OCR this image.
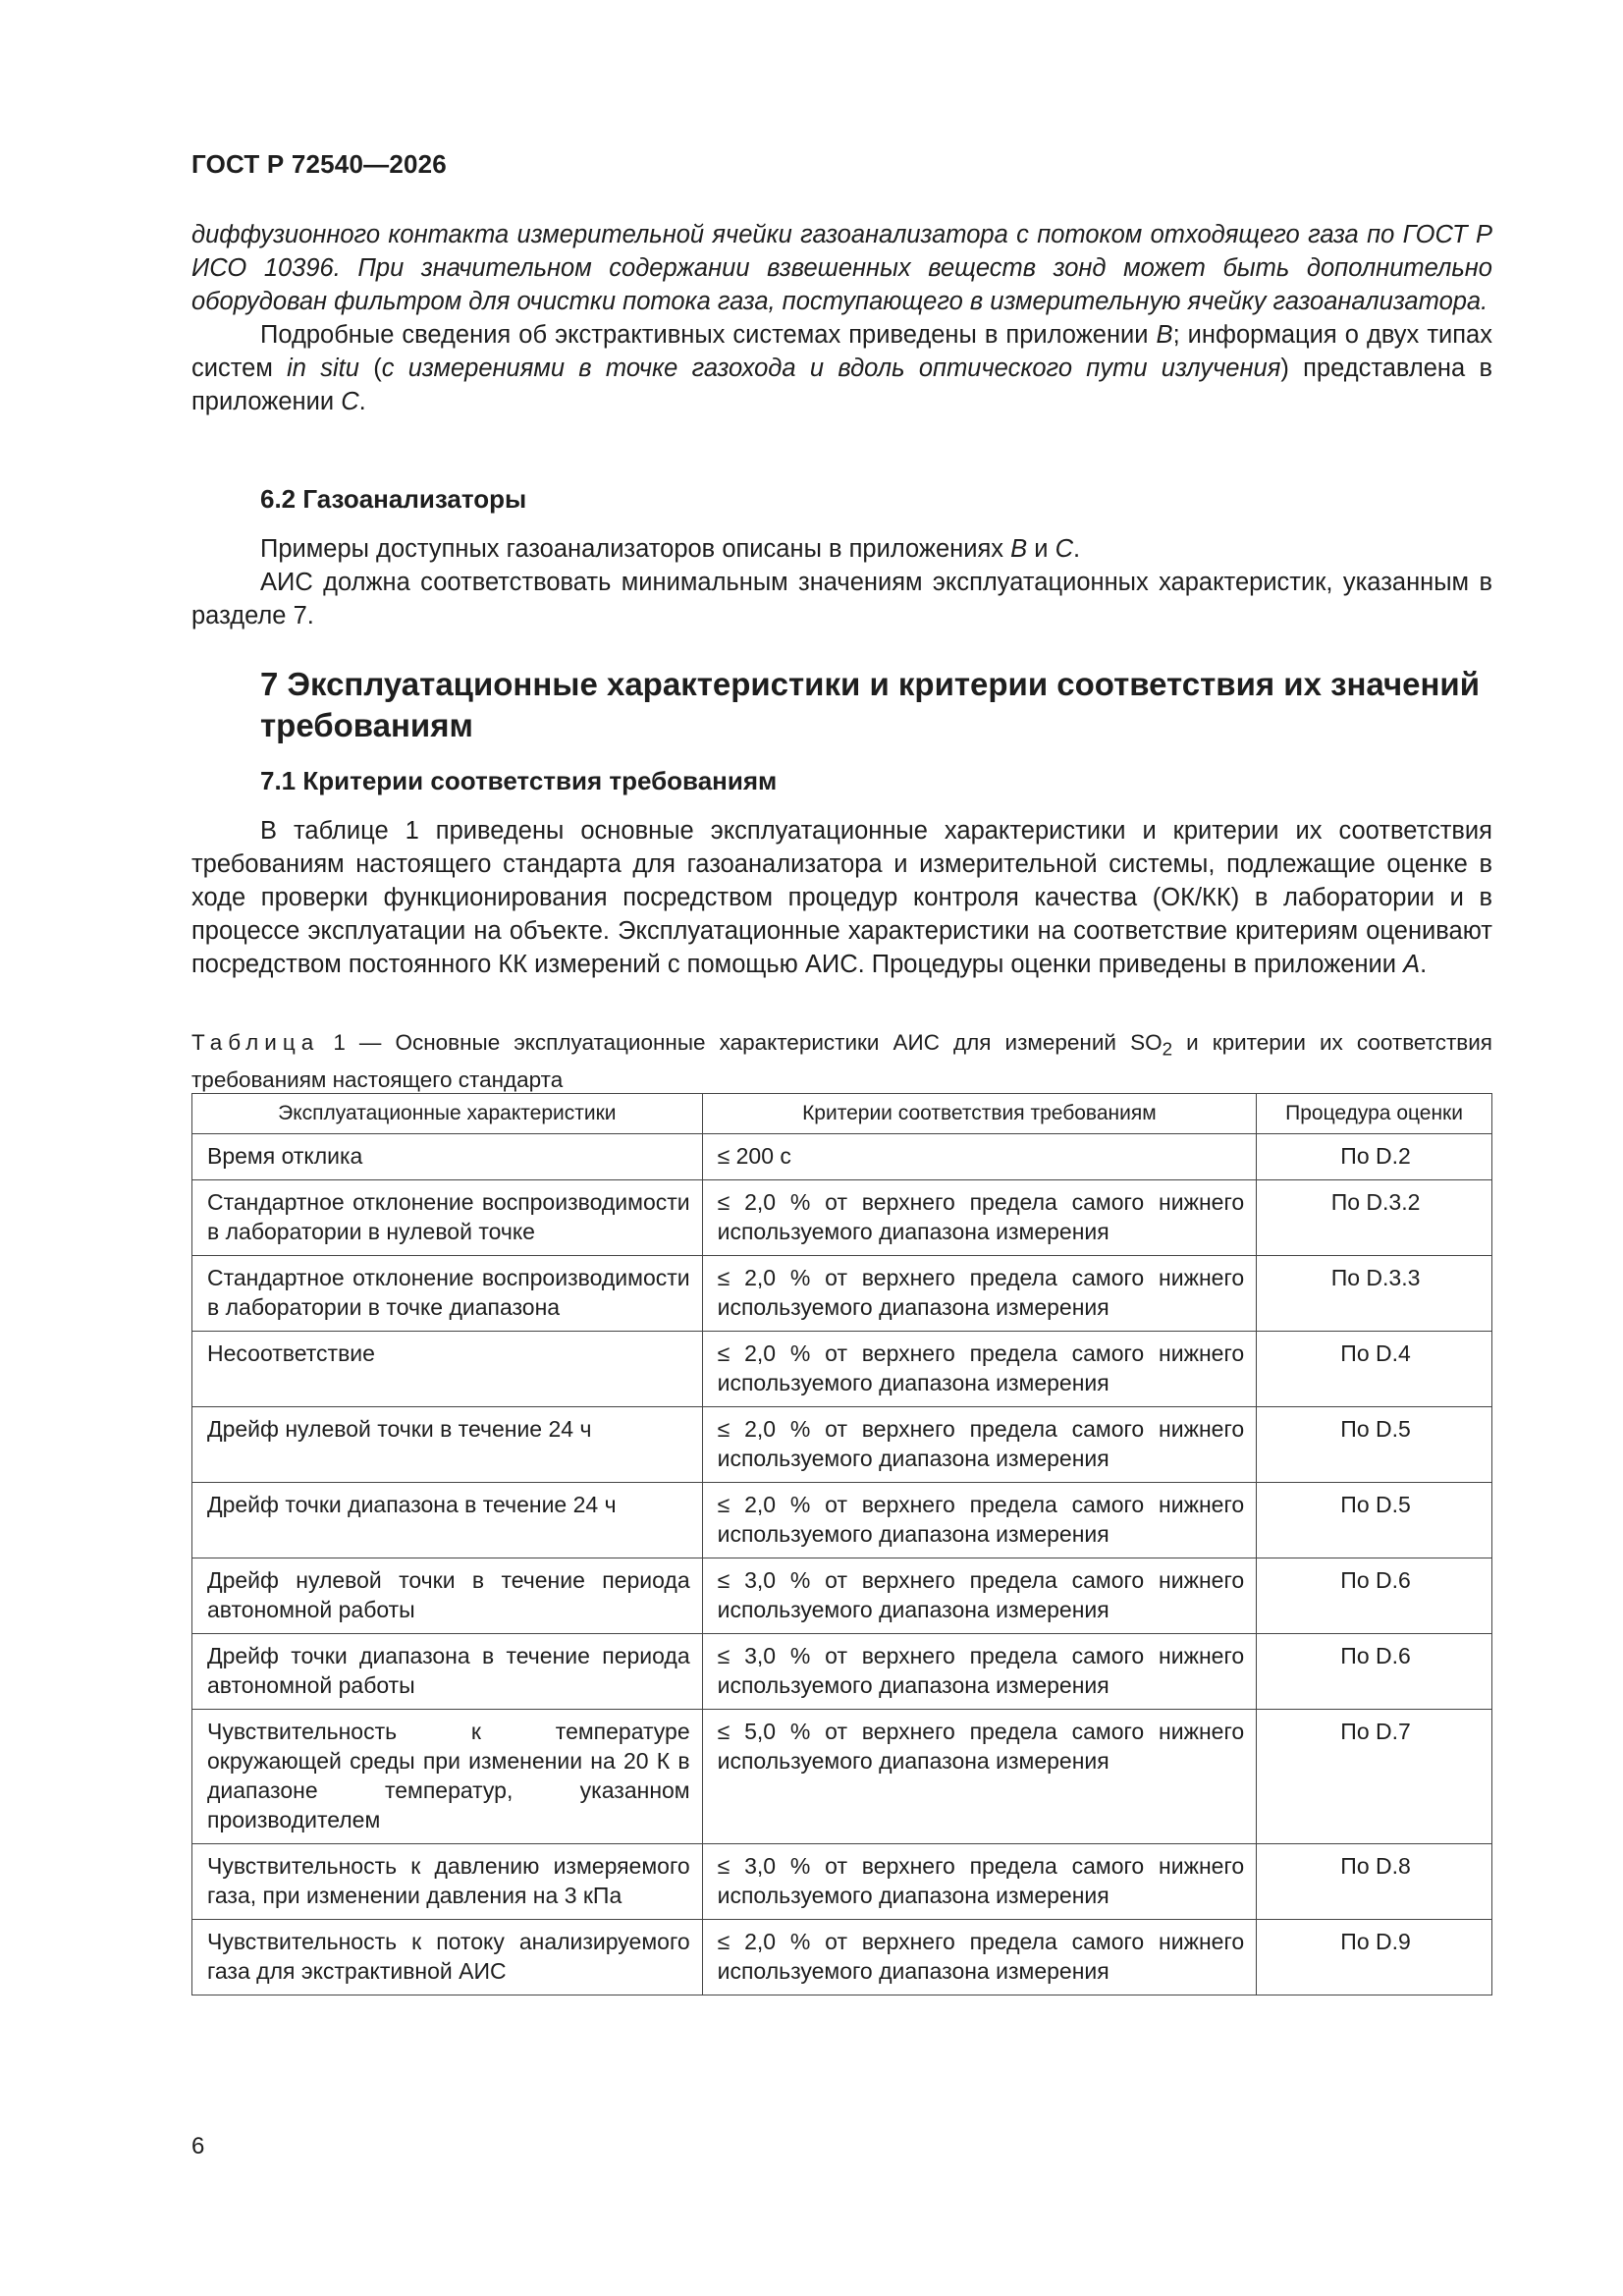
ГОСТ Р 72540—2026

диффузионного контакта измерительной ячейки газоанализатора с потоком отходящего газа по ГОСТ Р ИСО 10396. При значительном содержании взвешенных веществ зонд может быть дополнительно оборудован фильтром для очистки потока газа, поступающего в измерительную ячейку газоанализатора.

Подробные сведения об экстрактивных системах приведены в приложении B; информация о двух типах систем in situ (с измерениями в точке газохода и вдоль оптического пути излучения) представлена в приложении C.

6.2 Газоанализаторы

Примеры доступных газоанализаторов описаны в приложениях B и C.

АИС должна соответствовать минимальным значениям эксплуатационных характеристик, указанным в разделе 7.

7 Эксплуатационные характеристики и критерии соответствия их значений требованиям
7.1 Критерии соответствия требованиям

В таблице 1 приведены основные эксплуатационные характеристики и критерии их соответствия требованиям настоящего стандарта для газоанализатора и измерительной системы, подлежащие оценке в ходе проверки функционирования посредством процедур контроля качества (ОК/КК) в лаборатории и в процессе эксплуатации на объекте. Эксплуатационные характеристики на соответствие критериям оценивают посредством постоянного КК измерений с помощью АИС. Процедуры оценки приведены в приложении A.

Таблица 1 — Основные эксплуатационные характеристики АИС для измерений $SO_2$ и критерии их соответствия требованиям настоящего стандарта
Эксплуатационные характеристики	Критерии соответствия требованиям	Процедура оценки
Время отклика	≤ 200 с	По D.2
Стандартное отклонение воспроизводимости в лаборатории в нулевой точке	≤ 2,0 % от верхнего предела самого нижнего используемого диапазона измерения	По D.3.2
Стандартное отклонение воспроизводимости в лаборатории в точке диапазона	≤ 2,0 % от верхнего предела самого нижнего используемого диапазона измерения	По D.3.3
Несоответствие	≤ 2,0 % от верхнего предела самого нижнего используемого диапазона измерения	По D.4
Дрейф нулевой точки в течение 24 ч	≤ 2,0 % от верхнего предела самого нижнего используемого диапазона измерения	По D.5
Дрейф точки диапазона в течение 24 ч	≤ 2,0 % от верхнего предела самого нижнего используемого диапазона измерения	По D.5
Дрейф нулевой точки в течение периода автономной работы	≤ 3,0 % от верхнего предела самого нижнего используемого диапазона измерения	По D.6
Дрейф точки диапазона в течение периода автономной работы	≤ 3,0 % от верхнего предела самого нижнего используемого диапазона измерения	По D.6
Чувствительность к температуре окружающей среды при изменении на 20 К в диапазоне температур, указанном производителем	≤ 5,0 % от верхнего предела самого нижнего используемого диапазона измерения	По D.7
Чувствительность к давлению измеряемого газа, при изменении давления на 3 кПа	≤ 3,0 % от верхнего предела самого нижнего используемого диапазона измерения	По D.8
Чувствительность к потоку анализируемого газа для экстрактивной АИС	≤ 2,0 % от верхнего предела самого нижнего используемого диапазона измерения	По D.9
6
